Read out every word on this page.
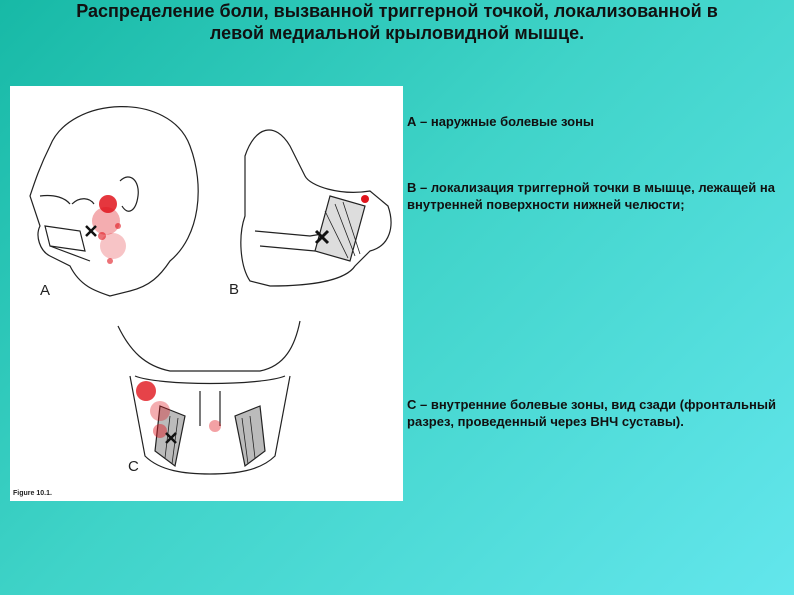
Распределение боли, вызванной триггерной точкой, локализованной в
левой медиальной крыловидной мышце.
A	B
C
Figure 10.1.
А – наружные болевые зоны
В – локализация триггерной точки в мышце, лежащей на внутренней поверхности нижней челюсти;
С – внутренние болевые зоны, вид сзади (фронтальный разрез, проведенный через ВНЧ суставы).
